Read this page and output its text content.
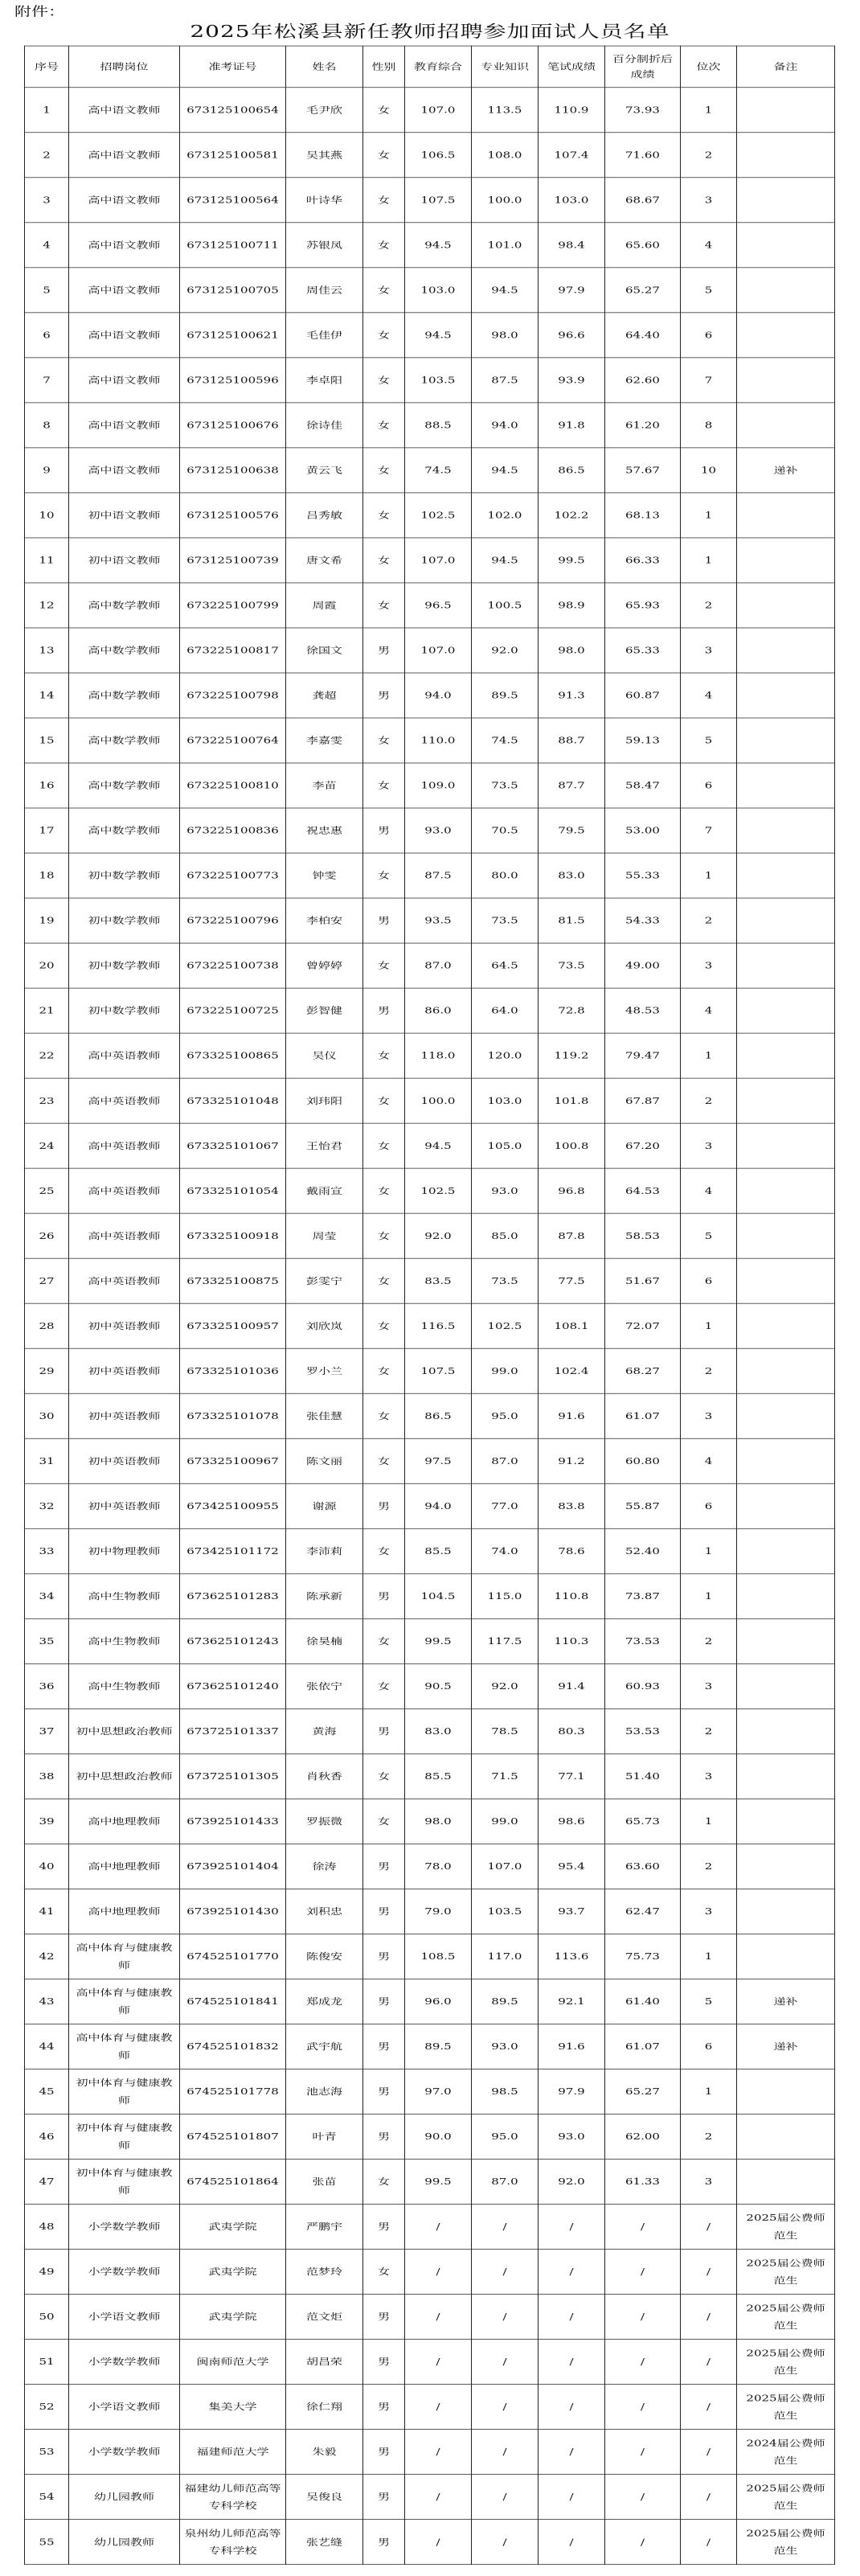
附件：
2025年松溪县新任教师招聘参加面试人员名单
序号	招聘岗位	准考证号	姓名	性别	教育综合	专业知识	笔试成绩	百分制折后成绩	位次	备注
1	高中语文教师	673125100654	毛尹欣	女	107.0	113.5	110.9	73.93	1	
2	高中语文教师	673125100581	吴其燕	女	106.5	108.0	107.4	71.60	2	
3	高中语文教师	673125100564	叶诗华	女	107.5	100.0	103.0	68.67	3	
4	高中语文教师	673125100711	苏银凤	女	94.5	101.0	98.4	65.60	4	
5	高中语文教师	673125100705	周佳云	女	103.0	94.5	97.9	65.27	5	
6	高中语文教师	673125100621	毛佳伊	女	94.5	98.0	96.6	64.40	6	
7	高中语文教师	673125100596	李卓阳	女	103.5	87.5	93.9	62.60	7	
8	高中语文教师	673125100676	徐诗佳	女	88.5	94.0	91.8	61.20	8	
9	高中语文教师	673125100638	黄云飞	女	74.5	94.5	86.5	57.67	10	递补
10	初中语文教师	673125100576	吕秀敏	女	102.5	102.0	102.2	68.13	1	
11	初中语文教师	673125100739	唐文希	女	107.0	94.5	99.5	66.33	1	
12	高中数学教师	673225100799	周霞	女	96.5	100.5	98.9	65.93	2	
13	高中数学教师	673225100817	徐国文	男	107.0	92.0	98.0	65.33	3	
14	高中数学教师	673225100798	龚超	男	94.0	89.5	91.3	60.87	4	
15	高中数学教师	673225100764	李嘉雯	女	110.0	74.5	88.7	59.13	5	
16	高中数学教师	673225100810	李苗	女	109.0	73.5	87.7	58.47	6	
17	高中数学教师	673225100836	祝忠惠	男	93.0	70.5	79.5	53.00	7	
18	初中数学教师	673225100773	钟雯	女	87.5	80.0	83.0	55.33	1	
19	初中数学教师	673225100796	李柏安	男	93.5	73.5	81.5	54.33	2	
20	初中数学教师	673225100738	曾婷婷	女	87.0	64.5	73.5	49.00	3	
21	初中数学教师	673225100725	彭智健	男	86.0	64.0	72.8	48.53	4	
22	高中英语教师	673325100865	吴仪	女	118.0	120.0	119.2	79.47	1	
23	高中英语教师	673325101048	刘玮阳	女	100.0	103.0	101.8	67.87	2	
24	高中英语教师	673325101067	王怡君	女	94.5	105.0	100.8	67.20	3	
25	高中英语教师	673325101054	戴雨宣	女	102.5	93.0	96.8	64.53	4	
26	高中英语教师	673325100918	周莹	女	92.0	85.0	87.8	58.53	5	
27	高中英语教师	673325100875	彭雯宁	女	83.5	73.5	77.5	51.67	6	
28	初中英语教师	673325100957	刘欣岚	女	116.5	102.5	108.1	72.07	1	
29	初中英语教师	673325101036	罗小兰	女	107.5	99.0	102.4	68.27	2	
30	初中英语教师	673325101078	张佳慧	女	86.5	95.0	91.6	61.07	3	
31	初中英语教师	673325100967	陈文丽	女	97.5	87.0	91.2	60.80	4	
32	初中英语教师	673425100955	谢源	男	94.0	77.0	83.8	55.87	6	
33	初中物理教师	673425101172	李沛莉	女	85.5	74.0	78.6	52.40	1	
34	高中生物教师	673625101283	陈承新	男	104.5	115.0	110.8	73.87	1	
35	高中生物教师	673625101243	徐昊楠	女	99.5	117.5	110.3	73.53	2	
36	高中生物教师	673625101240	张依宁	女	90.5	92.0	91.4	60.93	3	
37	初中思想政治教师	673725101337	黄海	男	83.0	78.5	80.3	53.53	2	
38	初中思想政治教师	673725101305	肖秋香	女	85.5	71.5	77.1	51.40	3	
39	高中地理教师	673925101433	罗振微	女	98.0	99.0	98.6	65.73	1	
40	高中地理教师	673925101404	徐涛	男	78.0	107.0	95.4	63.60	2	
41	高中地理教师	673925101430	刘积忠	男	79.0	103.5	93.7	62.47	3	
42	高中体育与健康教师	674525101770	陈俊安	男	108.5	117.0	113.6	75.73	1	
43	高中体育与健康教师	674525101841	郑成龙	男	96.0	89.5	92.1	61.40	5	递补
44	高中体育与健康教师	674525101832	武宇航	男	89.5	93.0	91.6	61.07	6	递补
45	初中体育与健康教师	674525101778	池志海	男	97.0	98.5	97.9	65.27	1	
46	初中体育与健康教师	674525101807	叶青	男	90.0	95.0	93.0	62.00	2	
47	初中体育与健康教师	674525101864	张苗	女	99.5	87.0	92.0	61.33	3	
48	小学数学教师	武夷学院	严鹏宇	男	/	/	/	/	/	2025届公费师范生
49	小学数学教师	武夷学院	范梦玲	女	/	/	/	/	/	2025届公费师范生
50	小学语文教师	武夷学院	范文炬	男	/	/	/	/	/	2025届公费师范生
51	小学数学教师	闽南师范大学	胡昌荣	男	/	/	/	/	/	2025届公费师范生
52	小学语文教师	集美大学	徐仁翔	男	/	/	/	/	/	2025届公费师范生
53	小学数学教师	福建师范大学	朱毅	男	/	/	/	/	/	2024届公费师范生
54	幼儿园教师	福建幼儿师范高等专科学校	吴俊良	男	/	/	/	/	/	2025届公费师范生
55	幼儿园教师	泉州幼儿师范高等专科学校	张艺缝	男	/	/	/	/	/	2025届公费师范生
